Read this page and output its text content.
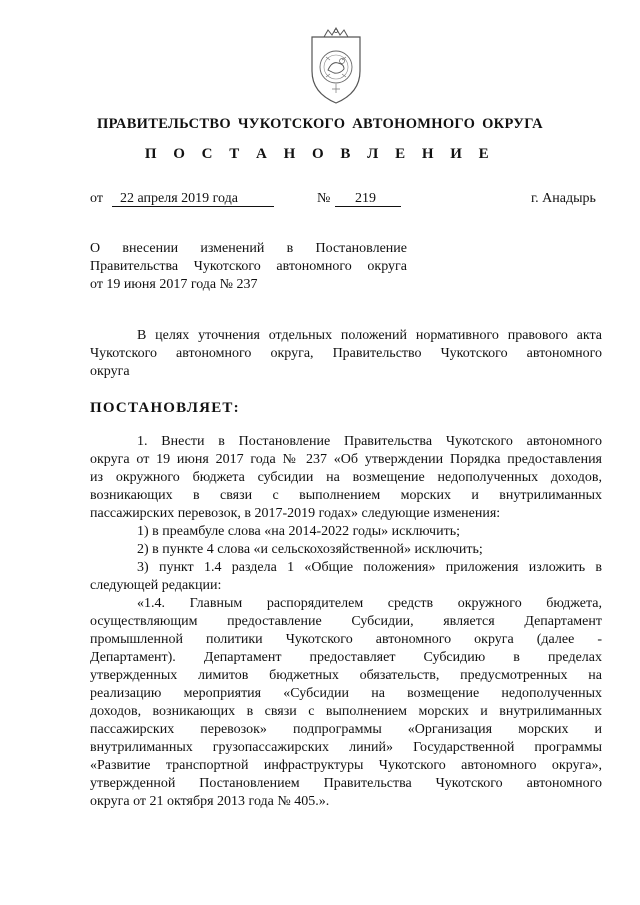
ПРАВИТЕЛЬСТВО ЧУКОТСКОГО АВТОНОМНОГО ОКРУГА
П О С Т А Н О В Л Е Н И Е
от	22 апреля 2019 года	№	219	г. Анадырь
О внесении изменений в Постановление
Правительства Чукотского автономного округа
от 19 июня 2017 года № 237
В целях уточнения отдельных положений нормативного правового акта
Чукотского автономного округа, Правительство Чукотского автономного
округа
ПОСТАНОВЛЯЕТ:
1. Внести в Постановление Правительства Чукотского автономного
округа от 19 июня 2017 года № 237 «Об утверждении Порядка предоставления
из окружного бюджета субсидии на возмещение недополученных доходов,
возникающих в связи с выполнением морских и внутрилиманных
пассажирских перевозок, в 2017-2019 годах» следующие изменения:
1) в преамбуле слова «на 2014-2022 годы» исключить;
2) в пункте 4 слова «и сельскохозяйственной» исключить;
3) пункт 1.4 раздела 1 «Общие положения» приложения изложить в
следующей редакции:
«1.4. Главным распорядителем средств окружного бюджета,
осуществляющим предоставление Субсидии, является Департамент
промышленной политики Чукотского автономного округа (далее -
Департамент). Департамент предоставляет Субсидию в пределах
утвержденных лимитов бюджетных обязательств, предусмотренных на
реализацию мероприятия «Субсидии на возмещение недополученных
доходов, возникающих в связи с выполнением морских и внутрилиманных
пассажирских перевозок» подпрограммы «Организация морских и
внутрилиманных грузопассажирских линий» Государственной программы
«Развитие транспортной инфраструктуры Чукотского автономного округа»,
утвержденной Постановлением Правительства Чукотского автономного
округа от 21 октября 2013 года № 405.».
